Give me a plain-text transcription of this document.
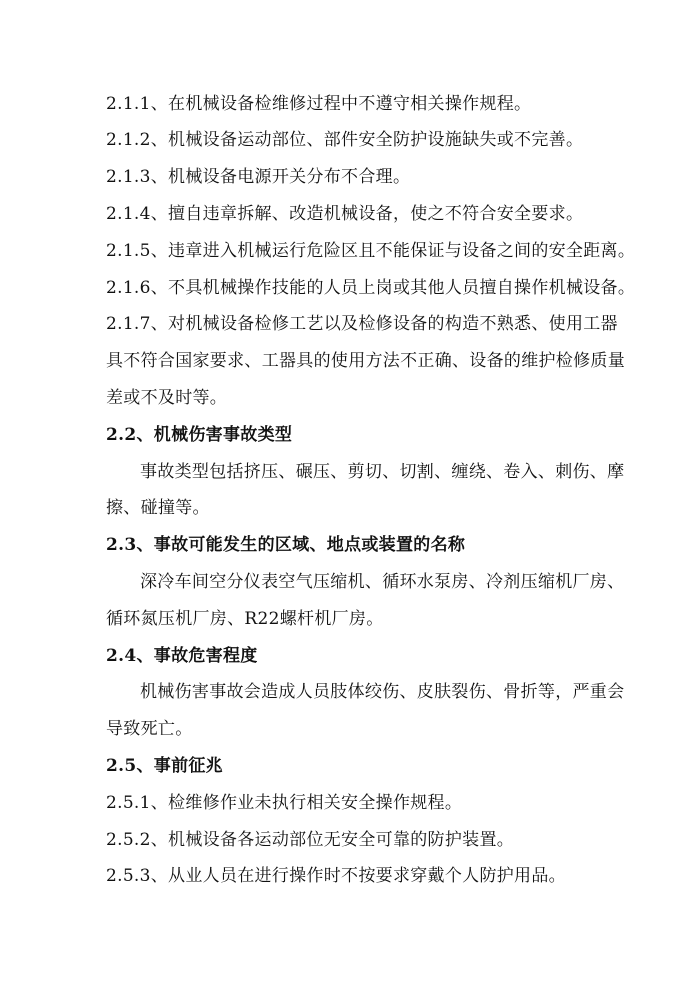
2.1.1、在机械设备检维修过程中不遵守相关操作规程。
2.1.2、机械设备运动部位、部件安全防护设施缺失或不完善。
2.1.3、机械设备电源开关分布不合理。
2.1.4、擅自违章拆解、改造机械设备，使之不符合安全要求。
2.1.5、违章进入机械运行危险区且不能保证与设备之间的安全距离。
2.1.6、不具机械操作技能的人员上岗或其他人员擅自操作机械设备。
2.1.7、对机械设备检修工艺以及检修设备的构造不熟悉、使用工器
具不符合国家要求、工器具的使用方法不正确、设备的维护检修质量
差或不及时等。
2.2、机械伤害事故类型
事故类型包括挤压、碾压、剪切、切割、缠绕、卷入、刺伤、摩
擦、碰撞等。
2.3、事故可能发生的区域、地点或装置的名称
深冷车间空分仪表空气压缩机、循环水泵房、冷剂压缩机厂房、
循环氮压机厂房、R22螺杆机厂房。
2.4、事故危害程度
机械伤害事故会造成人员肢体绞伤、皮肤裂伤、骨折等，严重会
导致死亡。
2.5、事前征兆
2.5.1、检维修作业未执行相关安全操作规程。
2.5.2、机械设备各运动部位无安全可靠的防护装置。
2.5.3、从业人员在进行操作时不按要求穿戴个人防护用品。
